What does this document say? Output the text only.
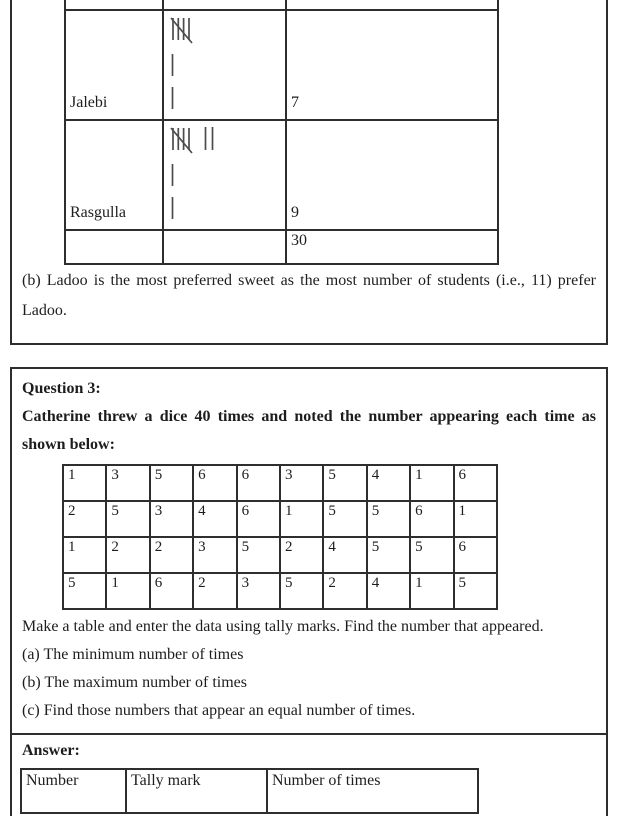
Jalebi		7
Rasgulla		9
		30

(b) Ladoo is the most preferred sweet as the most number of students (i.e., 11) prefer Ladoo.

Question 3:
Catherine threw a dice 40 times and noted the number appearing each time as shown below:
1	3	5	6	6	3	5	4	1	6
2	5	3	4	6	1	5	5	6	1
1	2	2	3	5	2	4	5	5	6
5	1	6	2	3	5	2	4	1	5
Make a table and enter the data using tally marks. Find the number that appeared.
(a) The minimum number of times
(b) The maximum number of times
(c) Find those numbers that appear an equal number of times.
Answer:
Number	Tally mark	Number of times
